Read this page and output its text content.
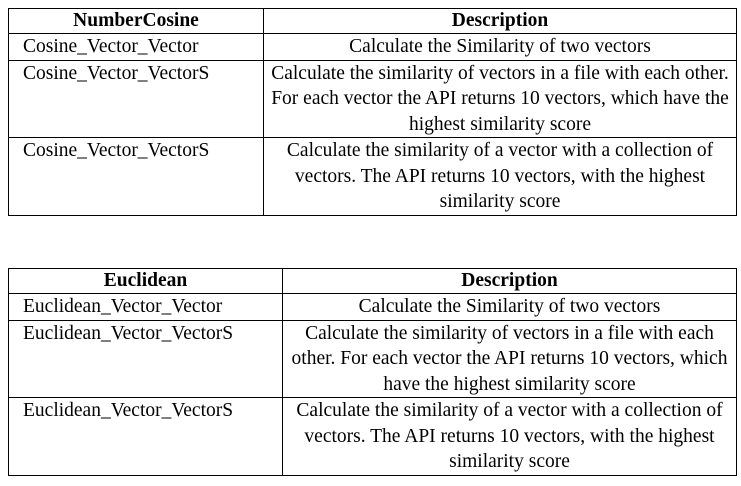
NumberCosine	Description
Cosine_Vector_Vector	Calculate the Similarity of two vectors
Cosine_Vector_VectorS	Calculate the similarity of vectors in a file with each other. For each vector the API returns 10 vectors, which have the highest similarity score
Cosine_Vector_VectorS	Calculate the similarity of a vector with a collection of vectors. The API returns 10 vectors, with the highest similarity score
Euclidean	Description
Euclidean_Vector_Vector	Calculate the Similarity of two vectors
Euclidean_Vector_VectorS	Calculate the similarity of vectors in a file with each other. For each vector the API returns 10 vectors, which have the highest similarity score
Euclidean_Vector_VectorS	Calculate the similarity of a vector with a collection of vectors. The API returns 10 vectors, with the highest similarity score
